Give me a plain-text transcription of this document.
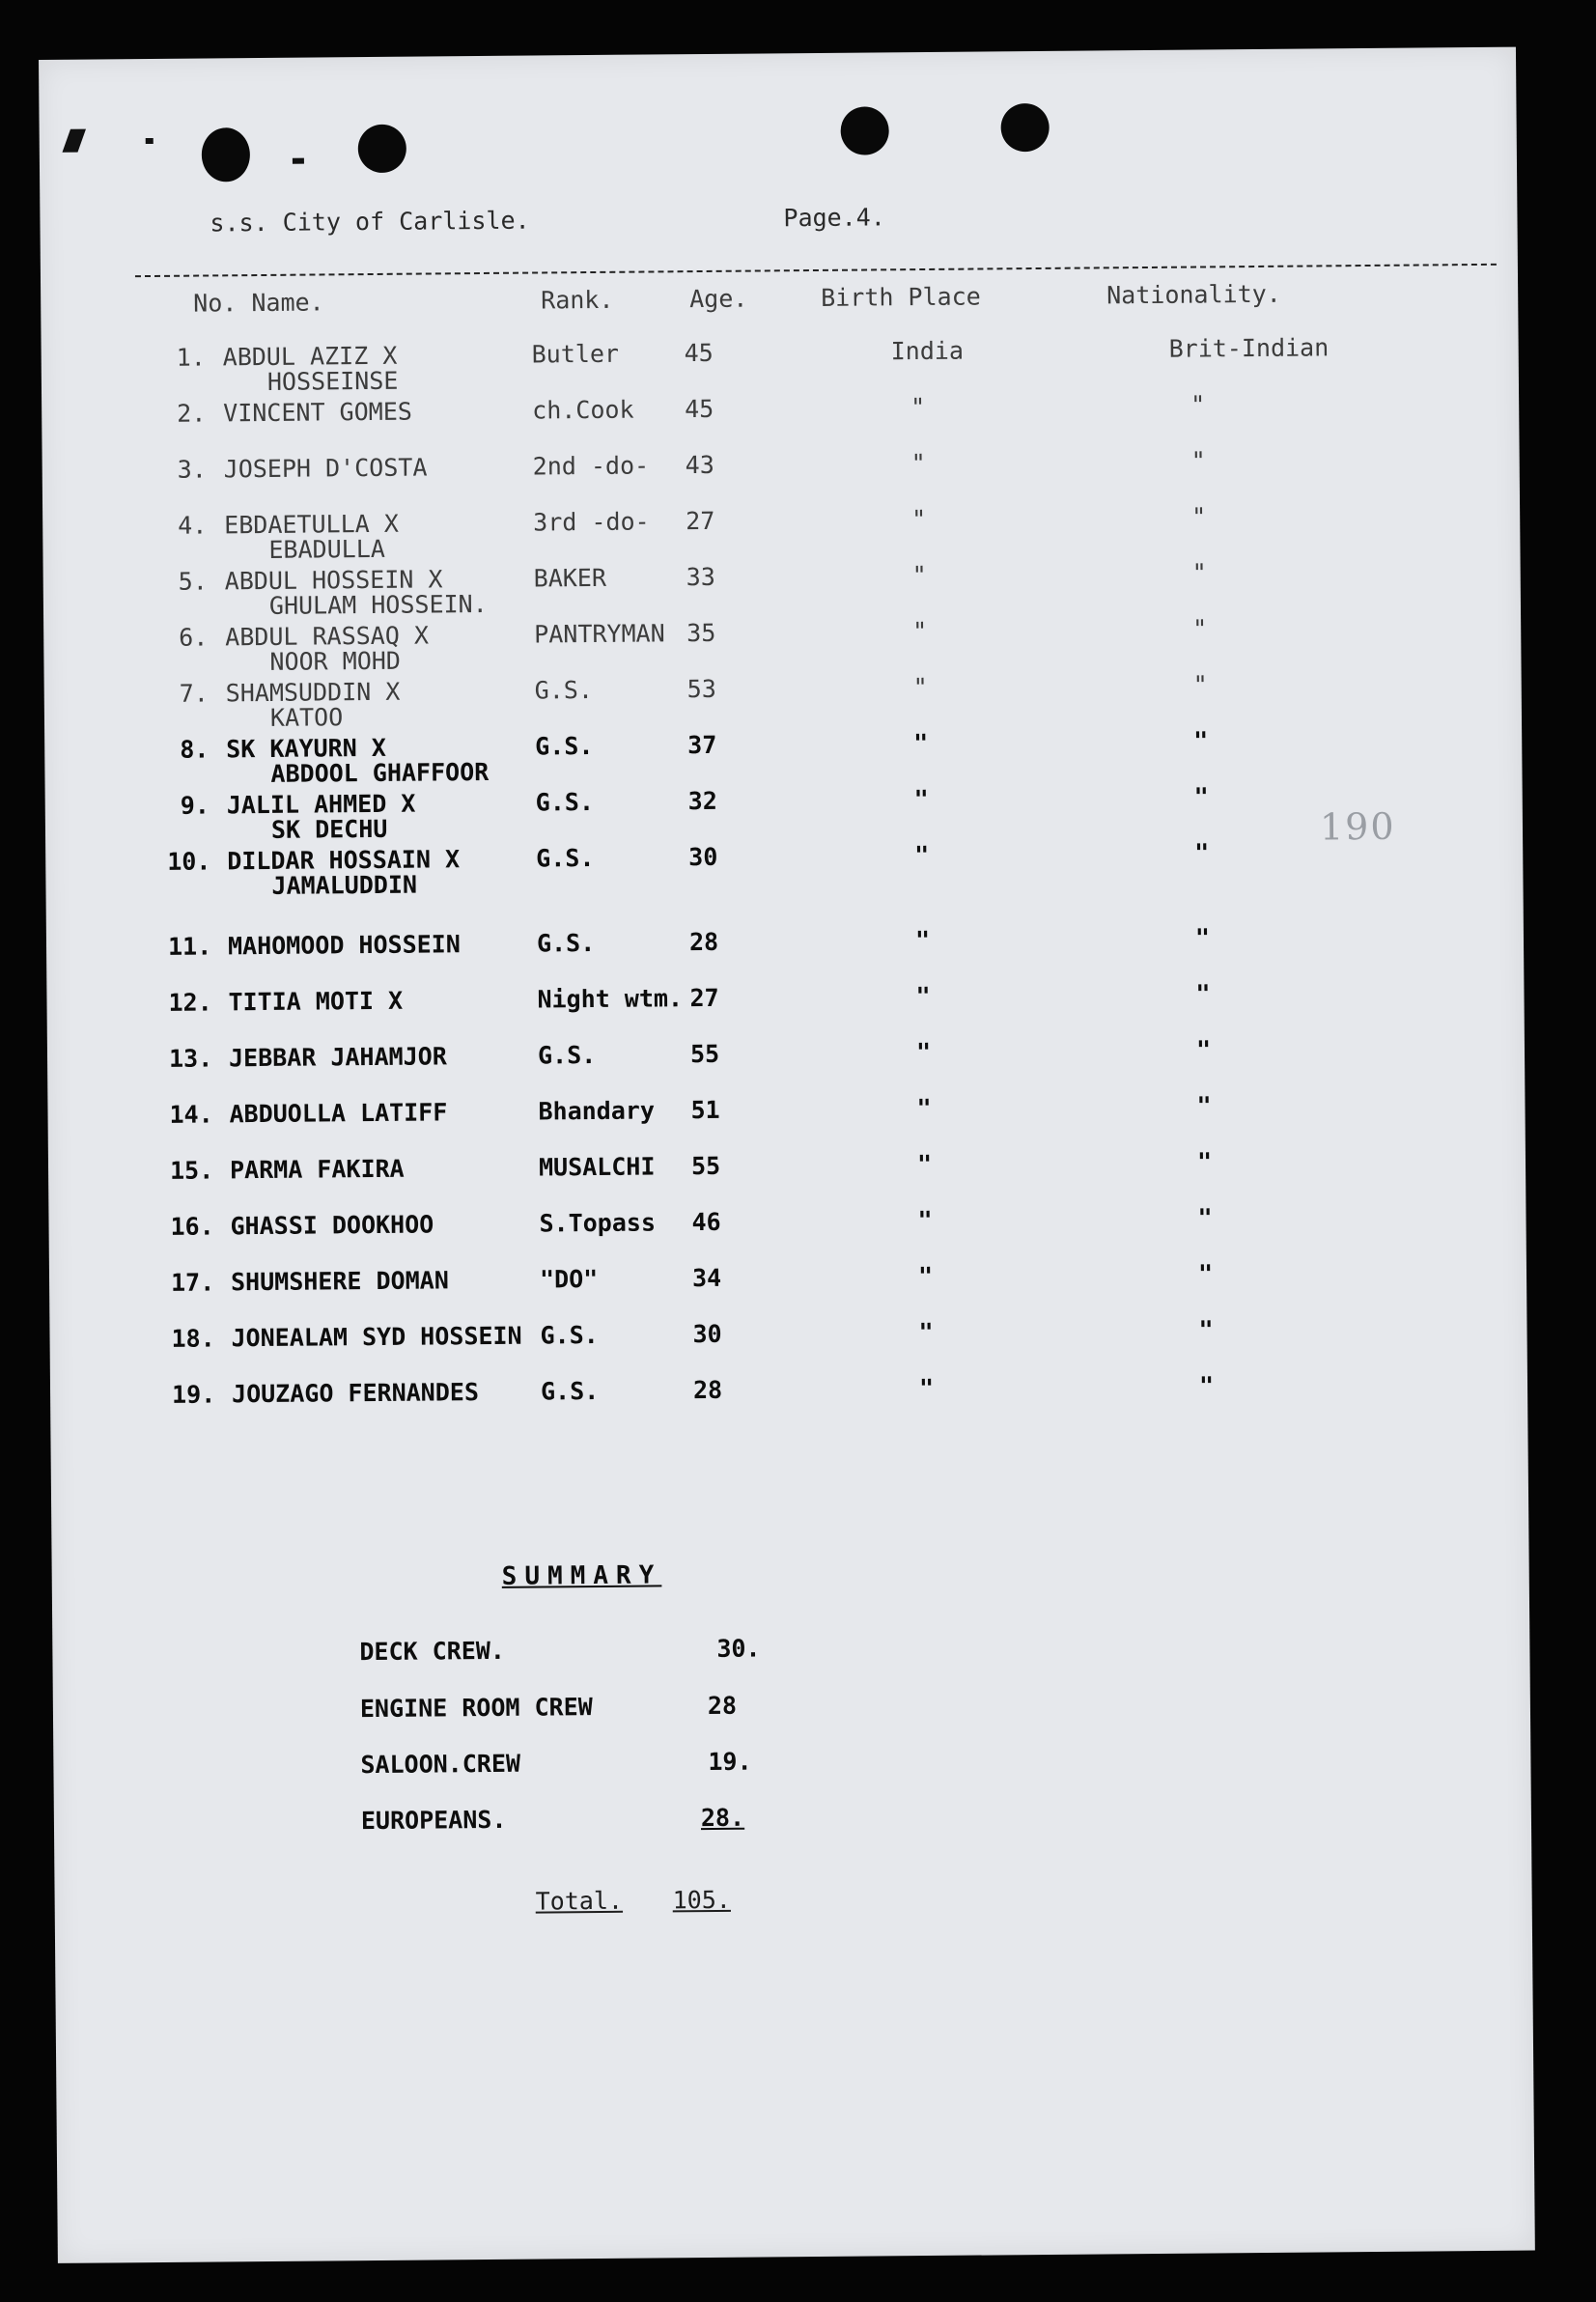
s.s. City of Carlisle.	Page.4.
No. Name.	Rank.	Age.	Birth Place	Nationality.
1. ABDUL AZIZ X
HOSSEINSE
Butler	45	India	Brit-Indian
2. VINCENT GOMES	ch.Cook 45	"	"
3. JOSEPH D'COSTA	2nd -do- 43	"	"
4. EBDAETULLA X
EBADULLA
3rd -do- 27	"	"
5. ABDUL HOSSEIN X
GHULAM HOSSEIN.
BAKER	33	"	"
6. ABDUL RASSAQ X
NOOR MOHD
PANTRYMAN 35	"	"
7. SHAMSUDDIN X
KATOO
G.S.	53	"	"
8. SK KAYURN X
ABDOOL GHAFFOOR
G.S.	37	"	"
9. JALIL AHMED X
SK DECHU
G.S.	32	"	"
10. DILDAR HOSSAIN X
JAMALUDDIN
G.S.	30	"	"
11. MAHOMOOD HOSSEIN	G.S.	28	"	"
12. TITIA MOTI X	Night wtm. 27	"	"
13. JEBBAR JAHAMJOR	G.S.	55	"	"
14. ABDUOLLA LATIFF	Bhandary 51	"	"
15. PARMA FAKIRA	MUSALCHI 55	"	"
16. GHASSI DOOKHOO	S.Topass 46	"	"
17. SHUMSHERE DOMAN	"DO"	34	"	"
18. JONEALAM SYD HOSSEIN G.S.	30	"	"
19. JOUZAGO FERNANDES	G.S.	28	"	"
190
SUMMARY
DECK CREW.	30.
ENGINE ROOM CREW	28
SALOON.CREW	19.
EUROPEANS.	28.
Total. 105.
